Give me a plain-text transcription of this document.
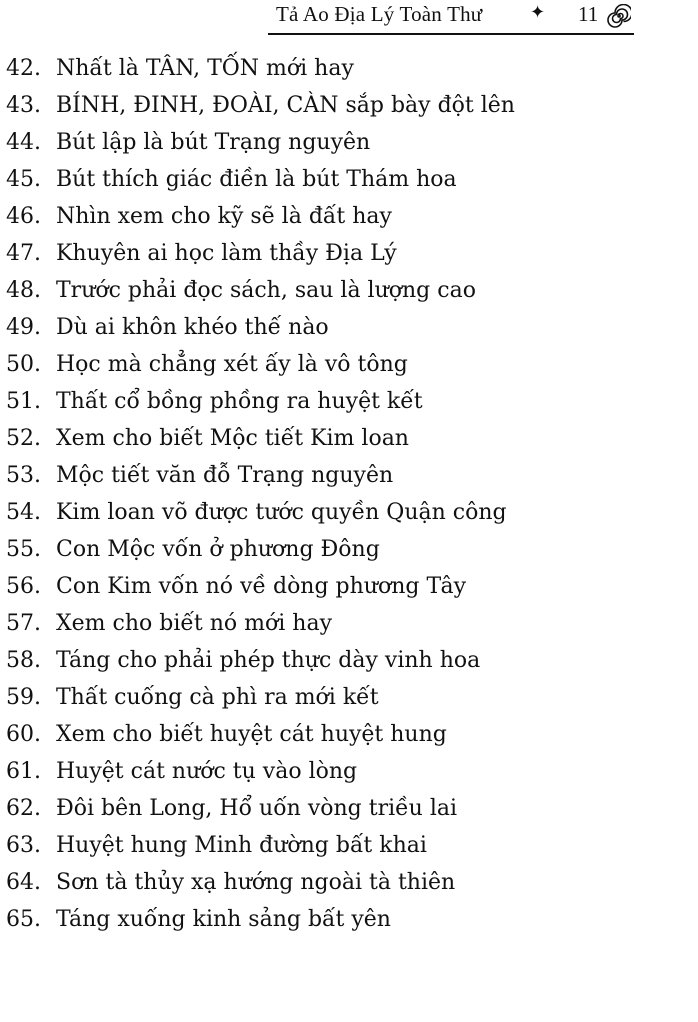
Tả Ao Địa Lý Toàn Thư	✦ 11
42. Nhất là TÂN, TỐN mới hay
43. BÍNH, ĐINH, ĐOÀI, CÀN sắp bày đột lên
44. Bút lập là bút Trạng nguyên
45. Bút thích giác điền là bút Thám hoa
46. Nhìn xem cho kỹ sẽ là đất hay
47. Khuyên ai học làm thầy Địa Lý
48. Trước phải đọc sách, sau là lượng cao
49. Dù ai khôn khéo thế nào
50. Học mà chẳng xét ấy là vô tông
51. Thất cổ bồng phồng ra huyệt kết
52. Xem cho biết Mộc tiết Kim loan
53. Mộc tiết văn đỗ Trạng nguyên
54. Kim loan võ được tước quyền Quận công
55. Con Mộc vốn ở phương Đông
56. Con Kim vốn nó về dòng phương Tây
57. Xem cho biết nó mới hay
58. Táng cho phải phép thực dày vinh hoa
59. Thất cuống cà phì ra mới kết
60. Xem cho biết huyệt cát huyệt hung
61. Huyệt cát nước tụ vào lòng
62. Đôi bên Long, Hổ uốn vòng triều lai
63. Huyệt hung Minh đường bất khai
64. Sơn tà thủy xạ hướng ngoài tà thiên
65. Táng xuống kinh sảng bất yên
